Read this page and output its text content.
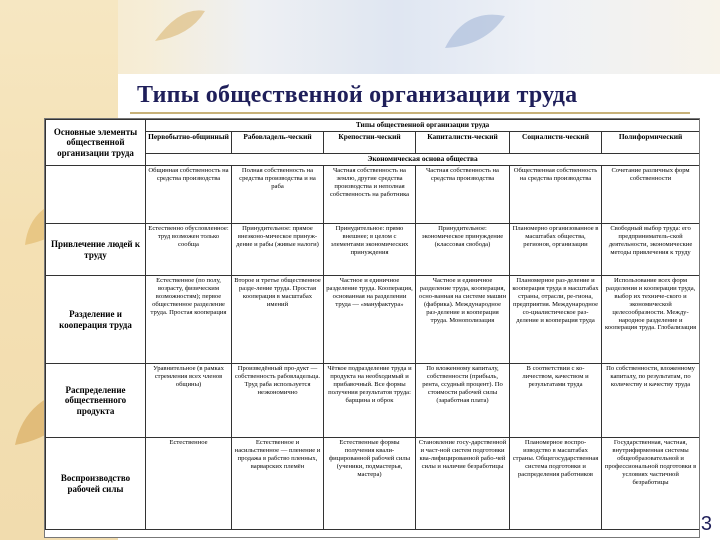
Типы общественной организации труда
Основные элементы общественной организации труда	Типы общественной организации труда					
	Первобытно-общинный	Рабовладель-ческий	Крепостни-ческий	Капиталисти-ческий	Социалисти-ческий	Полиформический
	Экономическая основа общества					
	Общинная собственность на средства производства	Полная собственность на средства производства и на раба	Частная собственность на землю, другие средства производства и неполная собственность на работника	Частная собственность на средства производства	Общественная собственность на средства производства	Сочетание различных форм собственности
Привлечение людей к труду	Естественно обусловленное: труд возможен только сообща	Принудительное: прямое внеэконо-мическое принуж-дение и рабы (живые налоги)	Принудительное: прямо внешнее; в целом с элементами экономических принуждения	Принудительное: экономическое принуждение (классовая свобода)	Планомерно организованное в масштабах общества, регионов, организации	Свободный выбор труда: его предприниматель-ской деятельности, экономические методы привлечения к труду
Разделение и кооперация труда	Естественное (по полу, возрасту, физическим возможностям); первое общественное разделение труда. Простая кооперация	Второе и третье общественное разде-ление труда. Простая кооперация в масштабах имений	Частное и единичное разделение труда. Кооперация, основанная на разделении труда — «мануфактура»	Частное и единичное разделение труда, кооперация, осно-ванная на системе машин (фабрика). Международное раз-деление и кооперация труда. Монополизация	Планомерное раз-деление и кооперация труда в масштабах страны, отрасли, ре-гиона, предприятия. Международное со-циалистическое раз-деление и кооперация труда	Использование всех форм разделения и кооперации труда, выбор их техниче-ского и экономической целесообразности. Между-народное разделение и кооперация труда. Глобализация
Распределение общественного продукта	Уравнительное (в рамках стремления всех членов общины)	Произведённый про-дукт — собственность рабовладельца. Труд раба используется неэкономично	Чёткое подразделение труда и продукта на необходимый и прибавочный. Все формы получения результатов труда: барщина и оброк	По вложенному капиталу, собственности (прибыль, рента, ссудный процент). По стоимости рабочей силы (заработная плата)	В соответствии с ко-личеством, качеством и результатами труда	По собственности, вложенному капиталу, по результатам, по количеству и качеству труда
Воспроизводство рабочей силы	Естественное	Естественное и насильственное — пленение и продажа в рабство пленных, варварских племён	Естественные формы получения квали-фицированной рабочей силы (ученики, подмастерья, мастера)	Становление госу-дарственной и част-ной систем подготовки ква-лифицированной рабо-чей силы и наличие безработицы	Планомерное воспро-изводство в масштабах страны. Общегосударственная система подготовки и распределения работников	Государственная, частная, внутрифирменная системы общеобразовательной и профессиональной подготовки в условиях частичной безработицы
3
